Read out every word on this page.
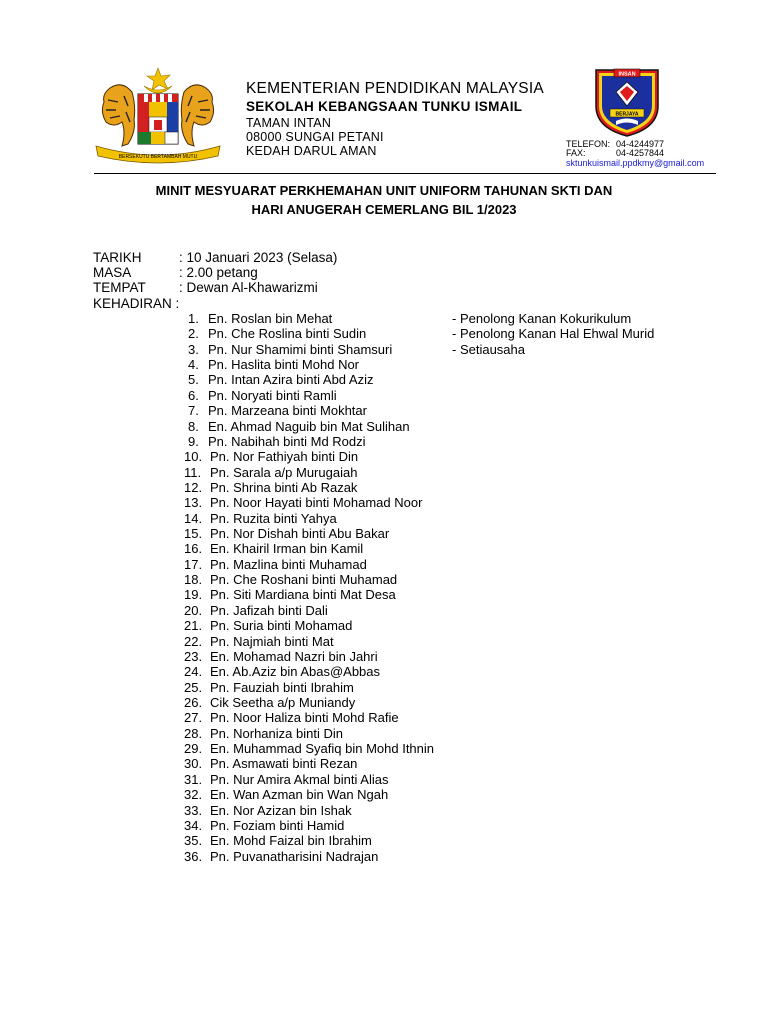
BERSEKUTU BERTAMBAH MUTU
INSAN
BERJAYA
KEMENTERIAN PENDIDIKAN MALAYSIA
SEKOLAH KEBANGSAAN TUNKU ISMAIL
TAMAN INTAN
08000 SUNGAI PETANI
KEDAH DARUL AMAN	TELEFON: 04-4244977
FAX:	04-4257844
sktunkuismail.ppdkmy@gmail.com
MINIT MESYUARAT PERKHEMAHAN UNIT UNIFORM TAHUNAN SKTI DAN
HARI ANUGERAH CEMERLANG BIL 1/2023
TARIKH	: 10 Januari 2023 (Selasa)
MASA	: 2.00 petang
TEMPAT : Dewan Al-Khawarizmi
KEHADIRAN :
1. En. Roslan bin Mehat	- Penolong Kanan Kokurikulum
2. Pn. Che Roslina binti Sudin	- Penolong Kanan Hal Ehwal Murid
3. Pn. Nur Shamimi binti Shamsuri	- Setiausaha
4. Pn. Haslita binti Mohd Nor
5. Pn. Intan Azira binti Abd Aziz
6. Pn. Noryati binti Ramli
7. Pn. Marzeana binti Mokhtar
8. En. Ahmad Naguib bin Mat Sulihan
9. Pn. Nabihah binti Md Rodzi
10. Pn. Nor Fathiyah binti Din
11. Pn. Sarala a/p Murugaiah
12. Pn. Shrina binti Ab Razak
13. Pn. Noor Hayati binti Mohamad Noor
14. Pn. Ruzita binti Yahya
15. Pn. Nor Dishah binti Abu Bakar
16. En. Khairil Irman bin Kamil
17. Pn. Mazlina binti Muhamad
18. Pn. Che Roshani binti Muhamad
19. Pn. Siti Mardiana binti Mat Desa
20. Pn. Jafizah binti Dali
21. Pn. Suria binti Mohamad
22. Pn. Najmiah binti Mat
23. En. Mohamad Nazri bin Jahri
24. En. Ab.Aziz bin Abas@Abbas
25. Pn. Fauziah binti Ibrahim
26. Cik Seetha a/p Muniandy
27. Pn. Noor Haliza binti Mohd Rafie
28. Pn. Norhaniza binti Din
29. En. Muhammad Syafiq bin Mohd Ithnin
30. Pn. Asmawati binti Rezan
31. Pn. Nur Amira Akmal binti Alias
32. En. Wan Azman bin Wan Ngah
33. En. Nor Azizan bin Ishak
34. Pn. Foziam binti Hamid
35. En. Mohd Faizal bin Ibrahim
36. Pn. Puvanatharisini Nadrajan
